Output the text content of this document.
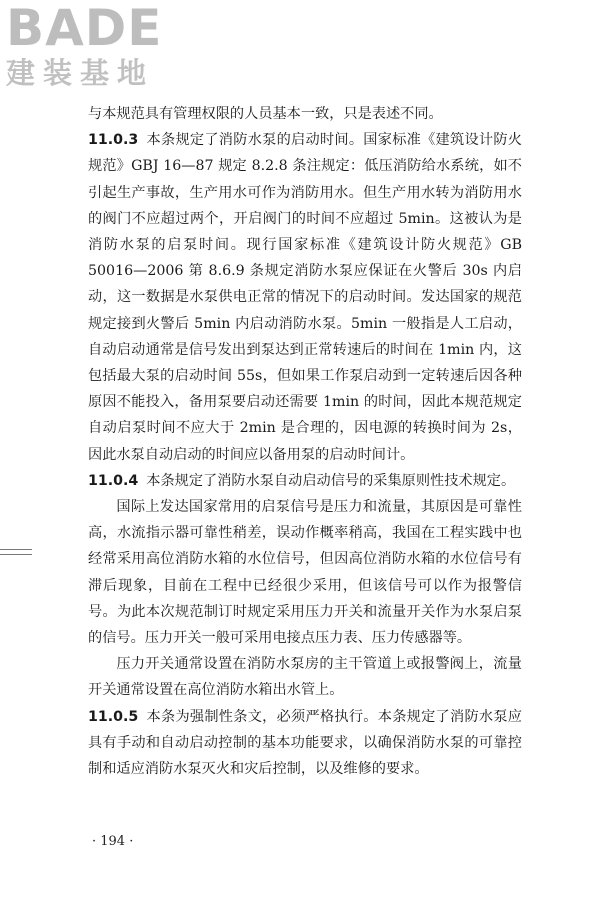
BADE
建装基地

与本规范具有管理权限的人员基本一致，只是表述不同。

11.0.3 本条规定了消防水泵的启动时间。国家标准《建筑设计防火规范》GBJ 16—87 规定 8.2.8 条注规定：低压消防给水系统，如不引起生产事故，生产用水可作为消防用水。但生产用水转为消防用水的阀门不应超过两个，开启阀门的时间不应超过 5min。这被认为是消防水泵的启泵时间。现行国家标准《建筑设计防火规范》GB 50016—2006 第 8.6.9 条规定消防水泵应保证在火警后 30s 内启动，这一数据是水泵供电正常的情况下的启动时间。发达国家的规范规定接到火警后 5min 内启动消防水泵。5min 一般指是人工启动，自动启动通常是信号发出到泵达到正常转速后的时间在 1min 内，这包括最大泵的启动时间 55s，但如果工作泵启动到一定转速后因各种原因不能投入，备用泵要启动还需要 1min 的时间，因此本规范规定自动启泵时间不应大于 2min 是合理的，因电源的转换时间为 2s，因此水泵自动启动的时间应以备用泵的启动时间计。

11.0.4 本条规定了消防水泵自动启动信号的采集原则性技术规定。

国际上发达国家常用的启泵信号是压力和流量，其原因是可靠性高，水流指示器可靠性稍差，误动作概率稍高，我国在工程实践中也经常采用高位消防水箱的水位信号，但因高位消防水箱的水位信号有滞后现象，目前在工程中已经很少采用，但该信号可以作为报警信号。为此本次规范制订时规定采用压力开关和流量开关作为水泵启泵的信号。压力开关一般可采用电接点压力表、压力传感器等。

压力开关通常设置在消防水泵房的主干管道上或报警阀上，流量开关通常设置在高位消防水箱出水管上。

11.0.5 本条为强制性条文，必须严格执行。本条规定了消防水泵应具有手动和自动启动控制的基本功能要求，以确保消防水泵的可靠控制和适应消防水泵灭火和灾后控制，以及维修的要求。

· 194 ·
